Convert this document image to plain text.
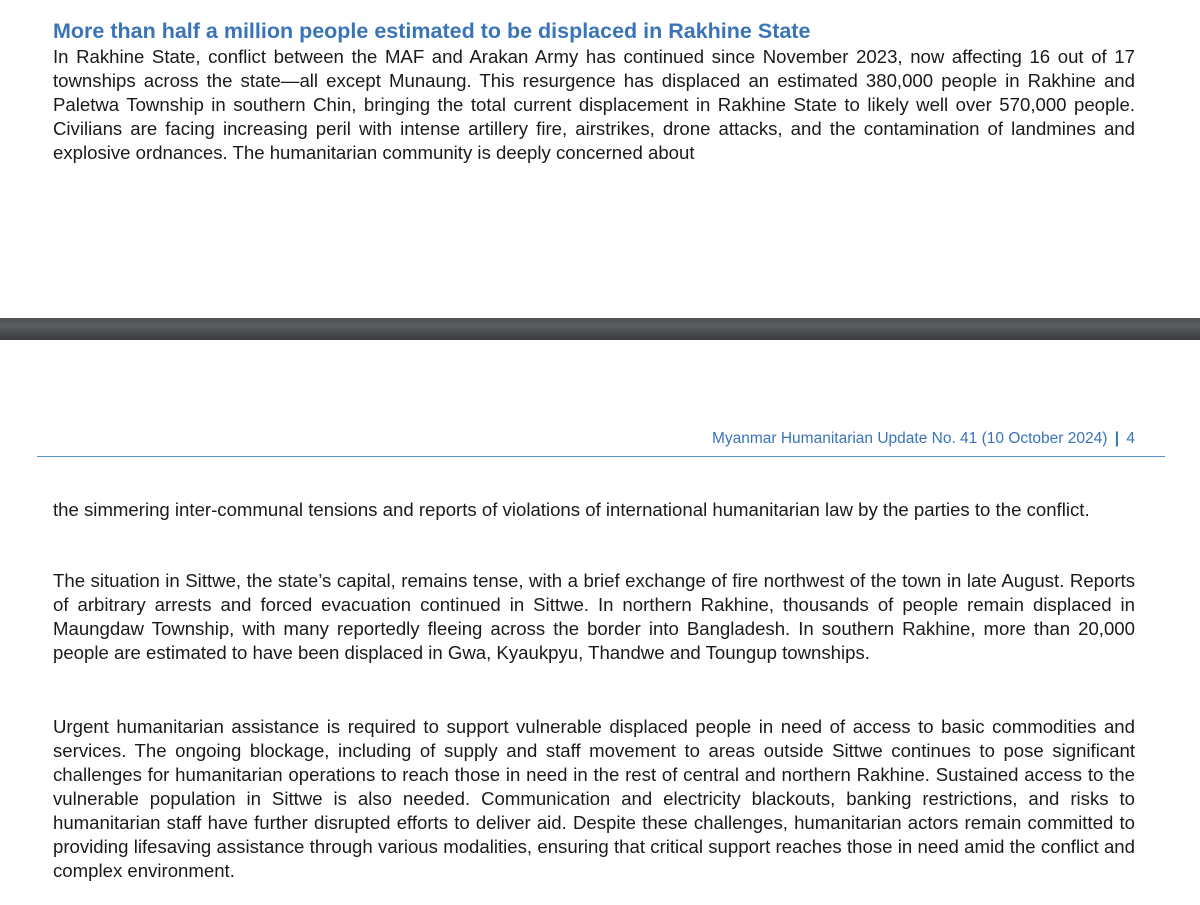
More than half a million people estimated to be displaced in Rakhine State

In Rakhine State, conflict between the MAF and Arakan Army has continued since November 2023, now affecting 16 out of 17 townships across the state—all except Munaung. This resurgence has displaced an estimated 380,000 people in Rakhine and Paletwa Township in southern Chin, bringing the total current displacement in Rakhine State to likely well over 570,000 people. Civilians are facing increasing peril with intense artillery fire, airstrikes, drone attacks, and the contamination of landmines and explosive ordnances. The humanitarian community is deeply concerned about

Myanmar Humanitarian Update No. 41 (10 October 2024) | 4

the simmering inter-communal tensions and reports of violations of international humanitarian law by the parties to the conflict.

The situation in Sittwe, the state’s capital, remains tense, with a brief exchange of fire northwest of the town in late August. Reports of arbitrary arrests and forced evacuation continued in Sittwe. In northern Rakhine, thousands of people remain displaced in Maungdaw Township, with many reportedly fleeing across the border into Bangladesh. In southern Rakhine, more than 20,000 people are estimated to have been displaced in Gwa, Kyaukpyu, Thandwe and Toungup townships.

Urgent humanitarian assistance is required to support vulnerable displaced people in need of access to basic commodities and services. The ongoing blockage, including of supply and staff movement to areas outside Sittwe continues to pose significant challenges for humanitarian operations to reach those in need in the rest of central and northern Rakhine. Sustained access to the vulnerable population in Sittwe is also needed. Communication and electricity blackouts, banking restrictions, and risks to humanitarian staff have further disrupted efforts to deliver aid. Despite these challenges, humanitarian actors remain committed to providing lifesaving assistance through various modalities, ensuring that critical support reaches those in need amid the conflict and complex environment.
